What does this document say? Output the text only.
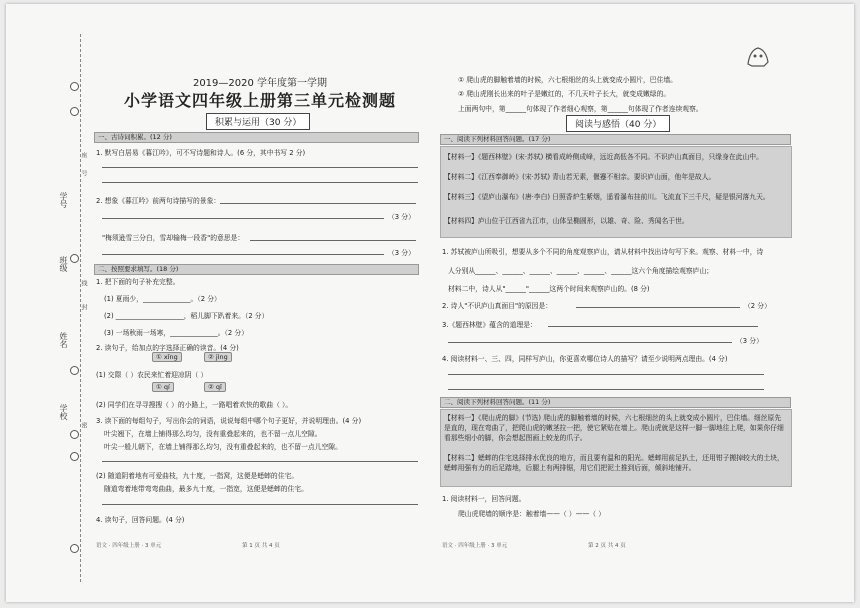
学号
姓名
班级
学校
座
号
线
封
密
2019—2020 学年度第一学期
小学语文四年级上册第三单元检测题
积累与运用（30 分）
一、古诗词积累。(12 分)
1. 默写白居易《暮江吟》，可不写诗题和诗人。(6 分，其中书写 2 分)
2. 想象《暮江吟》前两句诗描写的景象：
（3 分）
"梅须逊雪三分白，雪却输梅一段香"的意思是：
（3 分）
二、按照要求填写。(18 分)
1. 把下面的句子补充完整。
(1) 夏雨少，______________。（2 分）
(2) ____________________，稻儿脚下趴着来。（2 分）
(3) 一场秋雨一场寒，______________。（2 分）
2. 读句子，给加点的字选择正确的读音。(4 分)
① xǐng	② jìng
(1) 交際（ ）农民来忙着迎凉阴（ ）
① qí	② qǐ
(2) 同学们在寻寻搜搜（ ）的小路上，一路唱着欢快的歌曲（ ）。
3. 读下面的每组句子，写出你会的词语，说说每组中哪个句子更好，并说明理由。(4 分)
叶尖翘下，在墙上铺得那么均匀，没有重叠起来的，也不留一点儿空隙。
叶尖一般儿朝下，在墙上铺得那么均匀，没有重叠起来的，也不留一点儿空隙。
(2) 随道阴着地有可爱曲枝，九十度，一指窝，这便是蟋蟀的住宅。
随道弯着地带弯弯曲曲，最多九十度，一指宽，这便是蟋蟀的住宅。
4. 读句子，回答问题。(4 分)
语文 · 四年级上册 · 3 单元	第 1 页 共 4 页
① 爬山虎的脚触着墙的时候，六七根细丝的头上就变成小圆片，巴住墙。
② 爬山虎刚长出来的叶子是嫩红的，不几天叶子长大，就变成嫩绿的。
上面两句中，第______句体现了作者细心观察，第______句体现了作者连续观察。
阅读与感悟（40 分）
一、阅读下列材料回答问题。(17 分)
【材料一】《题西林壁》(宋·苏轼) 横看成岭侧成峰，远近高低各不同。不识庐山真面目，只缘身在此山中。
【材料二】《江西奉御岭》(宋·苏轼) 青山若无素，偃蹇不相亲。要识庐山面，他年是故人。
【材料三】《望庐山瀑布》(唐·李白) 日照香炉生紫烟，遥看瀑布挂前川。飞流直下三千尺，疑是银河落九天。
【材料四】庐山位于江西省九江市，山体呈椭圆形，以雄、奇、险、秀闻名于世。
1. 苏轼被庐山所吸引，想要从多个不同的角度观察庐山，请从材料中找出诗句写下来。观察、材料一中，诗
人分别从______、______、______、______、______、______这六个角度描绘观察庐山；
材料二中，诗人从"______"______这两个时间来观察庐山的。(8 分)
2. 诗人"不识庐山真面目"的原因是：	（2 分）
3.《题西林壁》蕴含的道理是：
（3 分）
4. 阅读材料一、三、四，同样写庐山，你更喜欢哪位诗人的描写？请至少说明两点理由。(4 分)
二、阅读下列材料回答问题。(11 分)
【材料一】《爬山虎的脚》(节选) 爬山虎的脚触着墙的时候，六七根细丝的头上就变成小圆片，巴住墙。细丝原先是直的，现在弯曲了，把爬山虎的嫩茎拉一把，使它紧贴在墙上。爬山虎就是这样一脚一脚地往上爬，如果你仔细看那些细小的脚，你会想起图画上蛟龙的爪子。
【材料二】蟋蟀的住宅选择排水优良的地方，而且要有温和的阳光。蟋蟀用前足扒土，还用钳子搬掉较大的土块，蟋蟀用强有力的后足踏地，后腿上有两排锯，用它们把泥土推到后面，倾斜地铺开。
1. 阅读材料一，回答问题。
爬山虎爬墙的顺序是：触着墙——（ ）——（ ）
语文 · 四年级上册 · 3 单元	第 2 页 共 4 页
